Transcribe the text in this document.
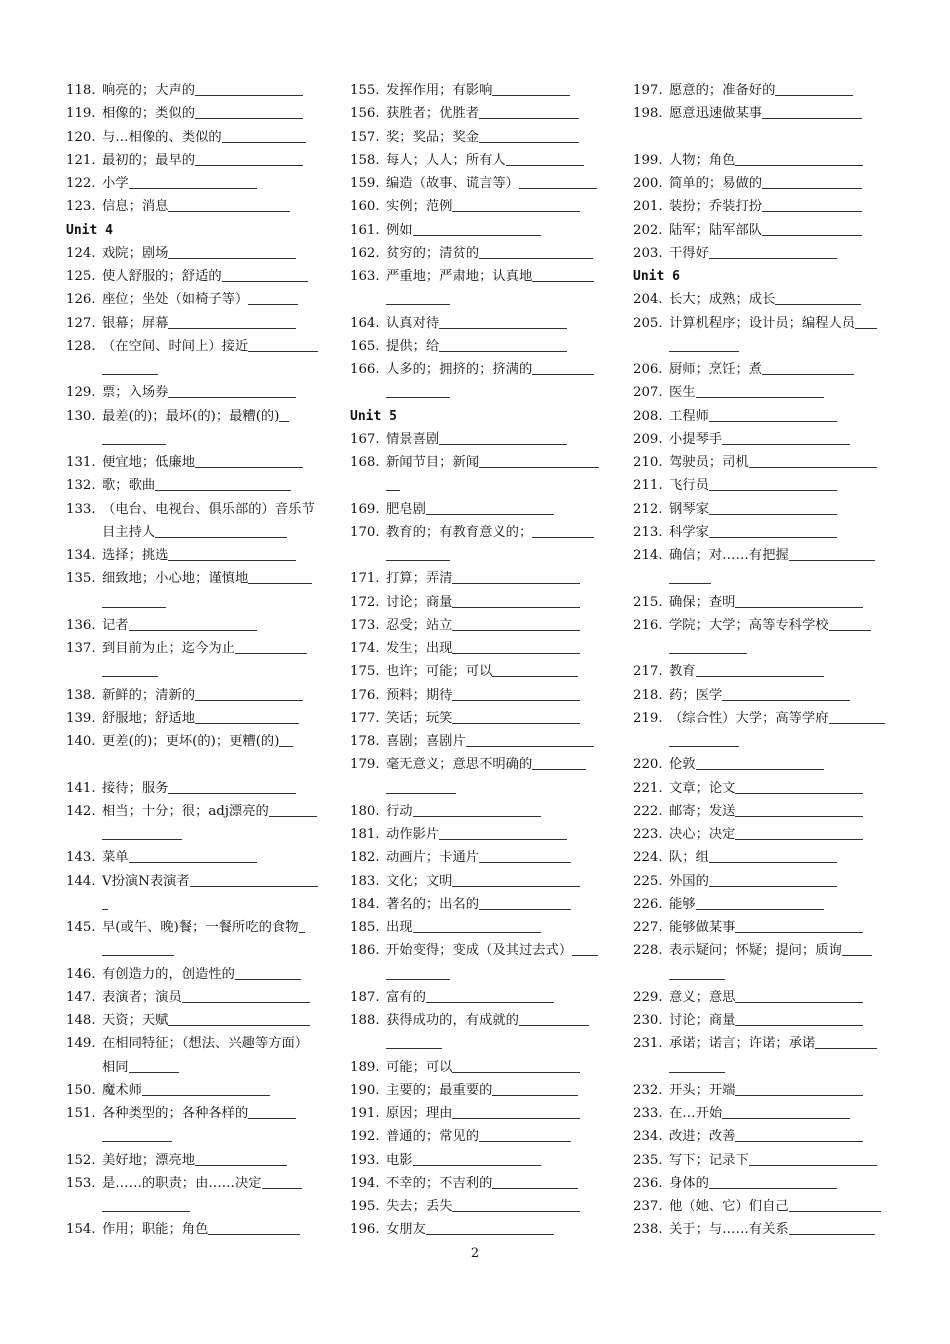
118. 响亮的；大声的
119. 相像的；类似的
120. 与…相像的、类似的
121. 最初的；最早的
122. 小学
123. 信息；消息
Unit 4
124. 戏院；剧场
125. 使人舒服的；舒适的
126. 座位；坐处（如椅子等）
127. 银幕；屏幕
128. （在空间、时间上）接近
129. 票；入场券
130. 最差(的)；最坏(的)；最糟(的)
131. 便宜地；低廉地
132. 歌；歌曲
133. （电台、电视台、俱乐部的）音乐节
目主持人
134. 选择；挑选
135. 细致地；小心地；谨慎地
136. 记者
137. 到目前为止；迄今为止
138. 新鲜的；清新的
139. 舒服地；舒适地
140. 更差(的)；更坏(的)；更糟(的)
141. 接待；服务
142. 相当；十分；很；adj漂亮的
143. 菜单
144. V扮演N表演者
145. 早(或午、晚)餐；一餐所吃的食物
146. 有创造力的，创造性的
147. 表演者；演员
148. 天资；天赋
149. 在相同特征；（想法、兴趣等方面）
相同
150. 魔术师
151. 各种类型的；各种各样的
152. 美好地；漂亮地
153. 是……的职责；由……决定
154. 作用；职能；角色
155. 发挥作用；有影响
156. 获胜者；优胜者
157. 奖；奖品；奖金
158. 每人；人人；所有人
159. 编造（故事、谎言等）
160. 实例；范例
161. 例如
162. 贫穷的；清贫的
163. 严重地；严肃地；认真地
164. 认真对待
165. 提供；给
166. 人多的；拥挤的；挤满的
Unit 5
167. 情景喜剧
168. 新闻节目；新闻
169. 肥皂剧
170. 教育的；有教育意义的；
171. 打算；弄清
172. 讨论；商量
173. 忍受；站立
174. 发生；出现
175. 也许；可能；可以
176. 预料；期待
177. 笑话；玩笑
178. 喜剧；喜剧片
179. 毫无意义；意思不明确的
180. 行动
181. 动作影片
182. 动画片；卡通片
183. 文化；文明
184. 著名的；出名的
185. 出现
186. 开始变得；变成（及其过去式）
187. 富有的
188. 获得成功的，有成就的
189. 可能；可以
190. 主要的；最重要的
191. 原因；理由
192. 普通的；常见的
193. 电影
194. 不幸的；不吉利的
195. 失去；丢失
196. 女朋友
197. 愿意的；准备好的
198. 愿意迅速做某事
199. 人物；角色
200. 简单的；易做的
201. 装扮；乔装打扮
202. 陆军；陆军部队
203. 干得好
Unit 6
204. 长大；成熟；成长
205. 计算机程序；设计员；编程人员
206. 厨师；烹饪；煮
207. 医生
208. 工程师
209. 小提琴手
210. 驾驶员；司机
211. 飞行员
212. 钢琴家
213. 科学家
214. 确信；对……有把握
215. 确保；查明
216. 学院；大学；高等专科学校
217. 教育
218. 药；医学
219. （综合性）大学；高等学府
220. 伦敦
221. 文章；论文
222. 邮寄；发送
223. 决心；决定
224. 队；组
225. 外国的
226. 能够
227. 能够做某事
228. 表示疑问；怀疑；提问；质询
229. 意义；意思
230. 讨论；商量
231. 承诺；诺言；许诺；承诺
232. 开头；开端
233. 在…开始
234. 改进；改善
235. 写下；记录下
236. 身体的
237. 他（她、它）们自己
238. 关于；与……有关系
2
